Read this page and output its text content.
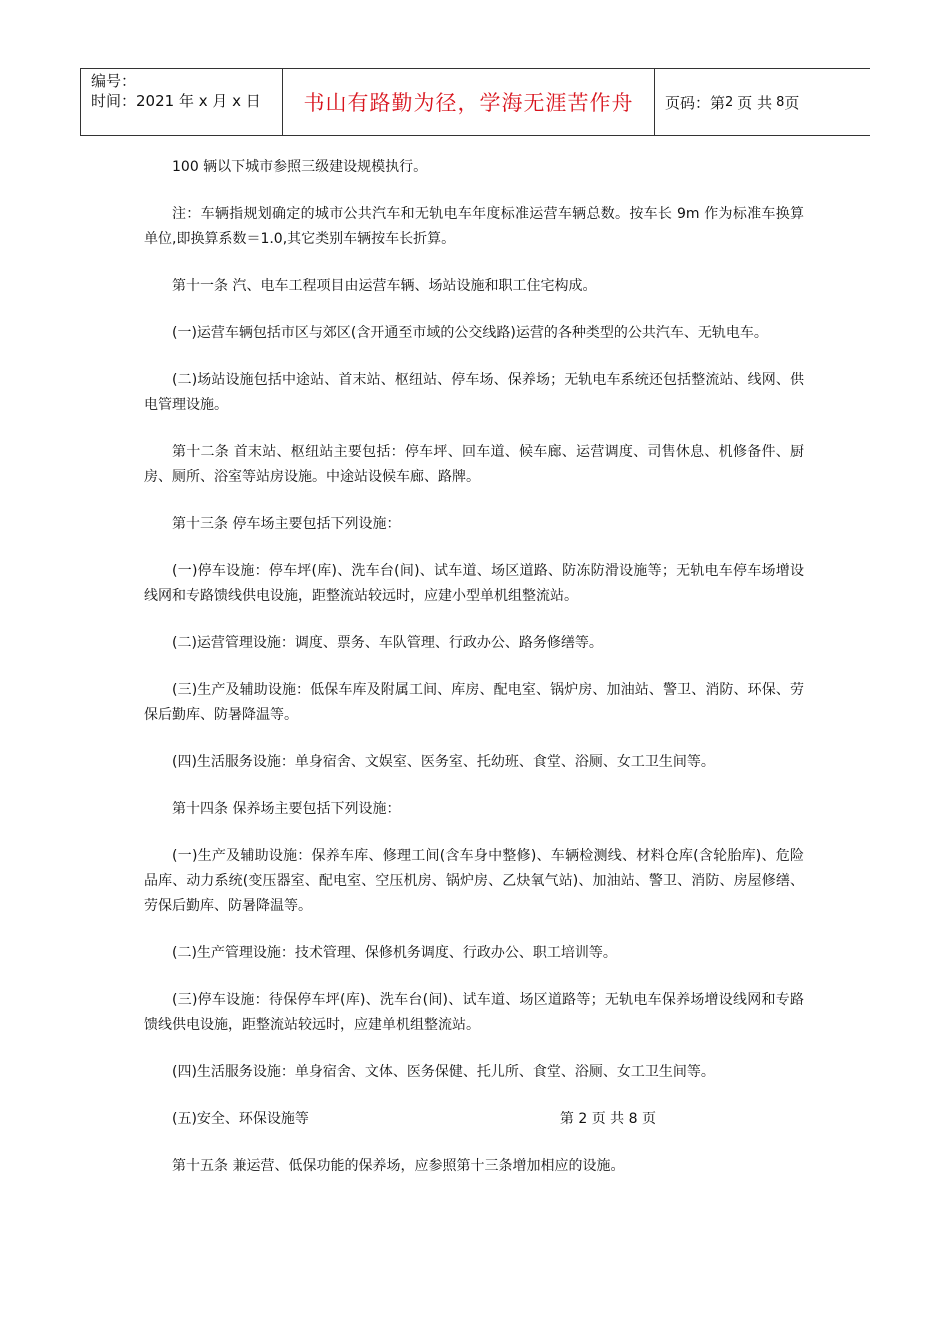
编号：
时间：2021 年 x 月 x 日	书山有路勤为径，学海无涯苦作舟	页码：第 2 页 共 8 页

100 辆以下城市参照三级建设规模执行。

注：车辆指规划确定的城市公共汽车和无轨电车年度标准运营车辆总数。按车长 9m 作为标准车换算单位,即换算系数＝1.0,其它类别车辆按车长折算。

第十一条 汽、电车工程项目由运营车辆、场站设施和职工住宅构成。

(一)运营车辆包括市区与郊区(含开通至市域的公交线路)运营的各种类型的公共汽车、无轨电车。

(二)场站设施包括中途站、首末站、枢纽站、停车场、保养场；无轨电车系统还包括整流站、线网、供电管理设施。

第十二条 首末站、枢纽站主要包括：停车坪、回车道、候车廊、运营调度、司售休息、机修备件、厨房、厕所、浴室等站房设施。中途站设候车廊、路牌。

第十三条 停车场主要包括下列设施：

(一)停车设施：停车坪(库)、洗车台(间)、试车道、场区道路、防冻防滑设施等；无轨电车停车场增设线网和专路馈线供电设施，距整流站较远时，应建小型单机组整流站。

(二)运营管理设施：调度、票务、车队管理、行政办公、路务修缮等。

(三)生产及辅助设施：低保车库及附属工间、库房、配电室、锅炉房、加油站、警卫、消防、环保、劳保后勤库、防暑降温等。

(四)生活服务设施：单身宿舍、文娱室、医务室、托幼班、食堂、浴厕、女工卫生间等。

第十四条 保养场主要包括下列设施：

(一)生产及辅助设施：保养车库、修理工间(含车身中整修)、车辆检测线、材料仓库(含轮胎库)、危险品库、动力系统(变压器室、配电室、空压机房、锅炉房、乙炔氧气站)、加油站、警卫、消防、房屋修缮、劳保后勤库、防暑降温等。

(二)生产管理设施：技术管理、保修机务调度、行政办公、职工培训等。

(三)停车设施：待保停车坪(库)、洗车台(间)、试车道、场区道路等；无轨电车保养场增设线网和专路馈线供电设施，距整流站较远时，应建单机组整流站。

(四)生活服务设施：单身宿舍、文体、医务保健、托儿所、食堂、浴厕、女工卫生间等。

(五)安全、环保设施等	第 2 页 共 8 页

第十五条 兼运营、低保功能的保养场，应参照第十三条增加相应的设施。
